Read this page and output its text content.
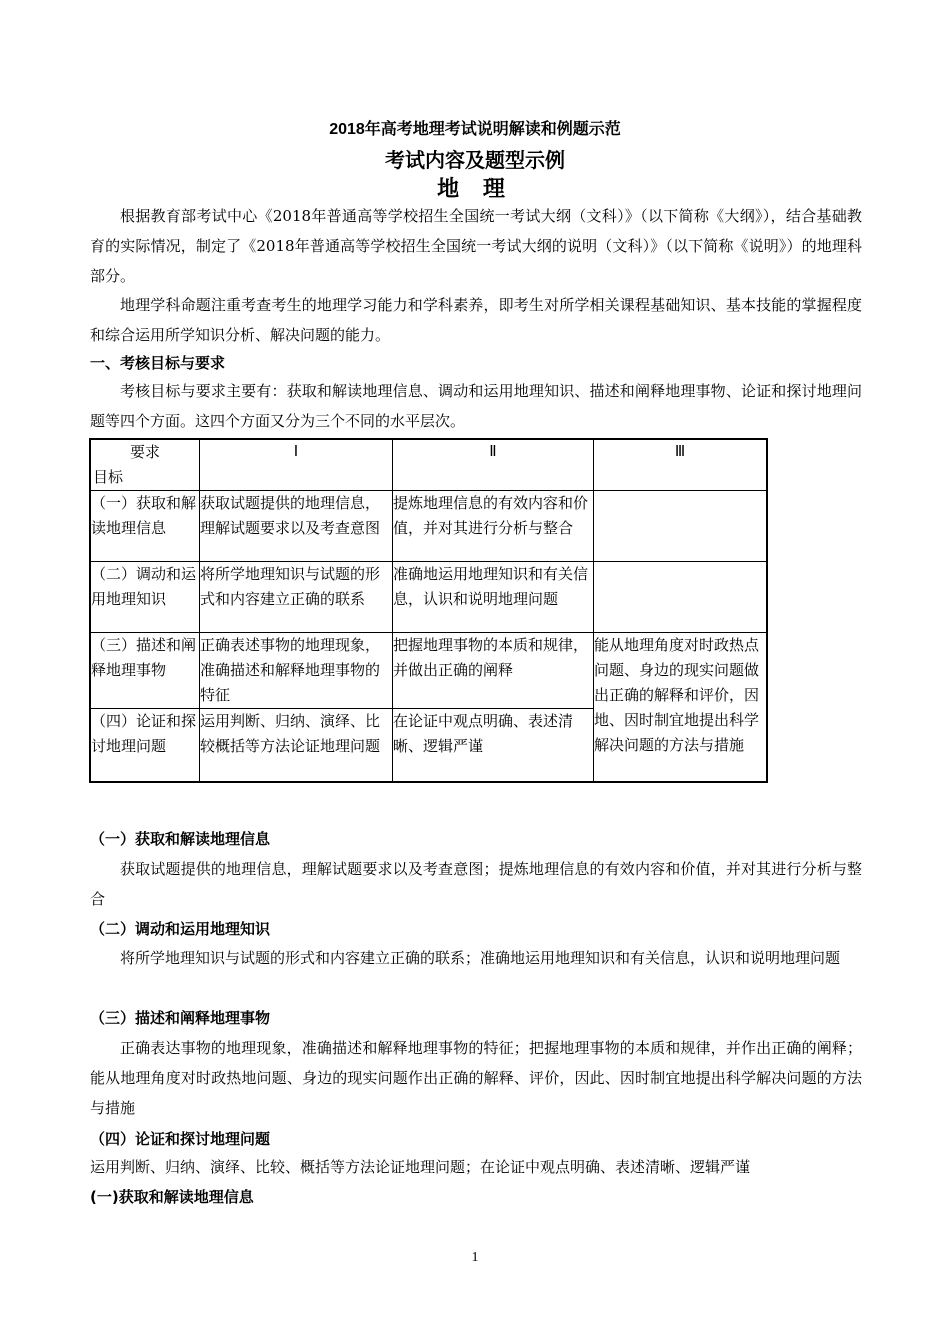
2018年高考地理考试说明解读和例题示范
考试内容及题型示例
地 理
根据教育部考试中心《2018年普通高等学校招生全国统一考试大纲（文科）》（以下简称《大纲》），结合基础教育的实际情况，制定了《2018年普通高等学校招生全国统一考试大纲的说明（文科）》（以下简称《说明》）的地理科部分。
地理学科命题注重考查考生的地理学习能力和学科素养，即考生对所学相关课程基础知识、基本技能的掌握程度和综合运用所学知识分析、解决问题的能力。
一、考核目标与要求
考核目标与要求主要有：获取和解读地理信息、调动和运用地理知识、描述和阐释地理事物、论证和探讨地理问题等四个方面。这四个方面又分为三个不同的水平层次。
要求
目标	Ⅰ	Ⅱ	Ⅲ
（一）获取和解读地理信息	获取试题提供的地理信息，理解试题要求以及考查意图	提炼地理信息的有效内容和价值，并对其进行分析与整合	
（二）调动和运用地理知识	将所学地理知识与试题的形式和内容建立正确的联系	准确地运用地理知识和有关信息，认识和说明地理问题	
（三）描述和阐释地理事物	正确表述事物的地理现象，准确描述和解释地理事物的特征	把握地理事物的本质和规律，并做出正确的阐释	能从地理角度对时政热点问题、身边的现实问题做出正确的解释和评价，因地、因时制宜地提出科学解决问题的方法与措施
（四）论证和探讨地理问题	运用判断、归纳、演绎、比较概括等方法论证地理问题	在论证中观点明确、表述清晰、逻辑严谨	
（一）获取和解读地理信息
获取试题提供的地理信息，理解试题要求以及考查意图；提炼地理信息的有效内容和价值，并对其进行分析与整合
（二）调动和运用地理知识
将所学地理知识与试题的形式和内容建立正确的联系；准确地运用地理知识和有关信息，认识和说明地理问题
（三）描述和阐释地理事物
正确表达事物的地理现象，准确描述和解释地理事物的特征；把握地理事物的本质和规律，并作出正确的阐释；能从地理角度对时政热地问题、身边的现实问题作出正确的解释、评价，因此、因时制宜地提出科学解决问题的方法与措施
（四）论证和探讨地理问题
运用判断、归纳、演绎、比较、概括等方法论证地理问题；在论证中观点明确、表述清晰、逻辑严谨
(一)获取和解读地理信息
1
